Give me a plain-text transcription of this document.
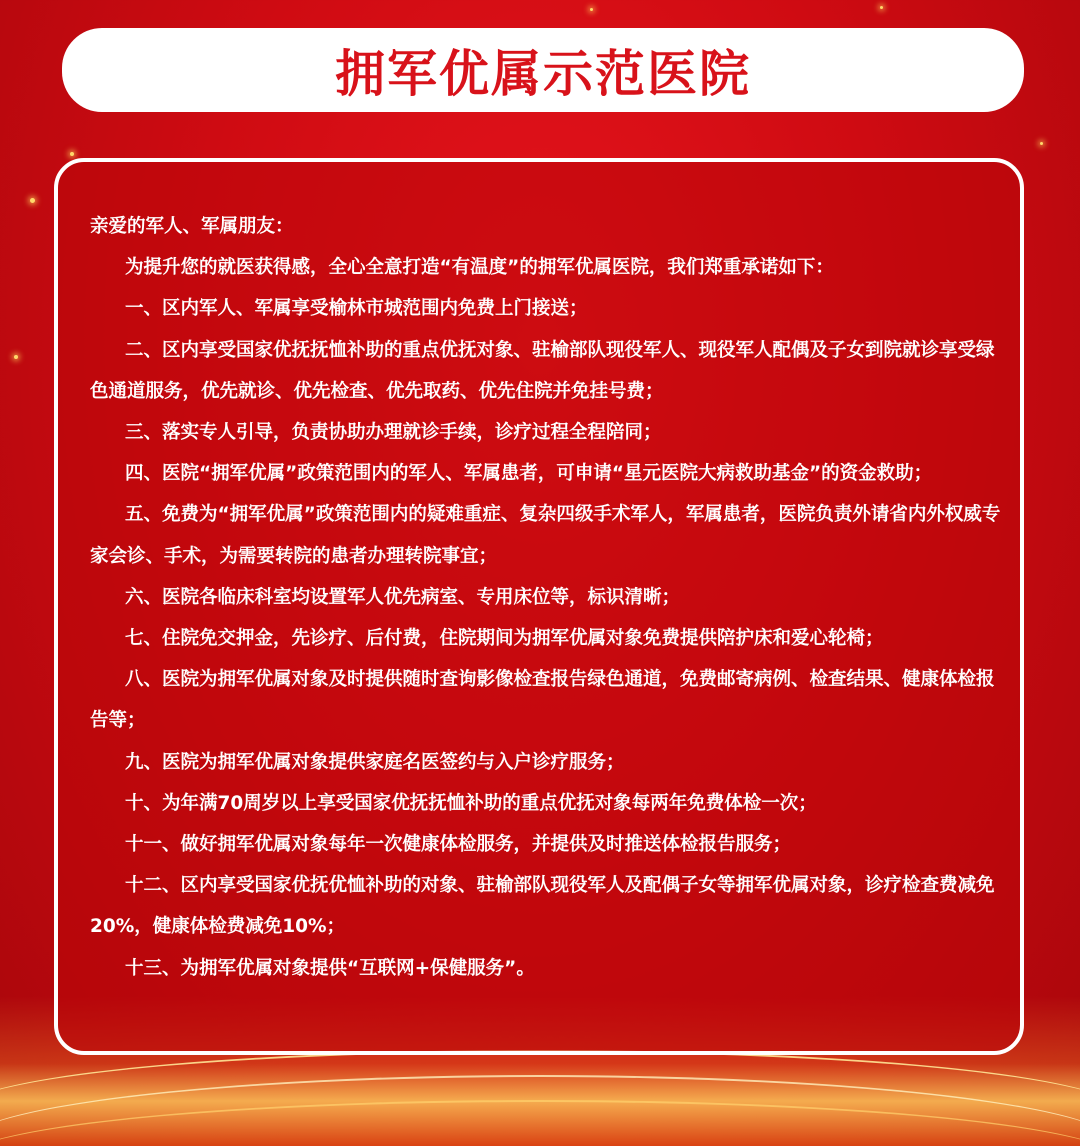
拥军优属示范医院

亲爱的军人、军属朋友：

为提升您的就医获得感，全心全意打造“有温度”的拥军优属医院，我们郑重承诺如下：

一、区内军人、军属享受榆林市城范围内免费上门接送；

二、区内享受国家优抚抚恤补助的重点优抚对象、驻榆部队现役军人、现役军人配偶及子女到院就诊享受绿色通道服务，优先就诊、优先检查、优先取药、优先住院并免挂号费；

三、落实专人引导，负责协助办理就诊手续，诊疗过程全程陪同；

四、医院“拥军优属”政策范围内的军人、军属患者，可申请“星元医院大病救助基金”的资金救助；

五、免费为“拥军优属”政策范围内的疑难重症、复杂四级手术军人，军属患者，医院负责外请省内外权威专家会诊、手术，为需要转院的患者办理转院事宜；

六、医院各临床科室均设置军人优先病室、专用床位等，标识清晰；

七、住院免交押金，先诊疗、后付费，住院期间为拥军优属对象免费提供陪护床和爱心轮椅；

八、医院为拥军优属对象及时提供随时查询影像检查报告绿色通道，免费邮寄病例、检查结果、健康体检报告等；

九、医院为拥军优属对象提供家庭名医签约与入户诊疗服务；

十、为年满70周岁以上享受国家优抚抚恤补助的重点优抚对象每两年免费体检一次；

十一、做好拥军优属对象每年一次健康体检服务，并提供及时推送体检报告服务；

十二、区内享受国家优抚优恤补助的对象、驻榆部队现役军人及配偶子女等拥军优属对象，诊疗检查费减免20%，健康体检费减免10%；

十三、为拥军优属对象提供“互联网+保健服务”。
